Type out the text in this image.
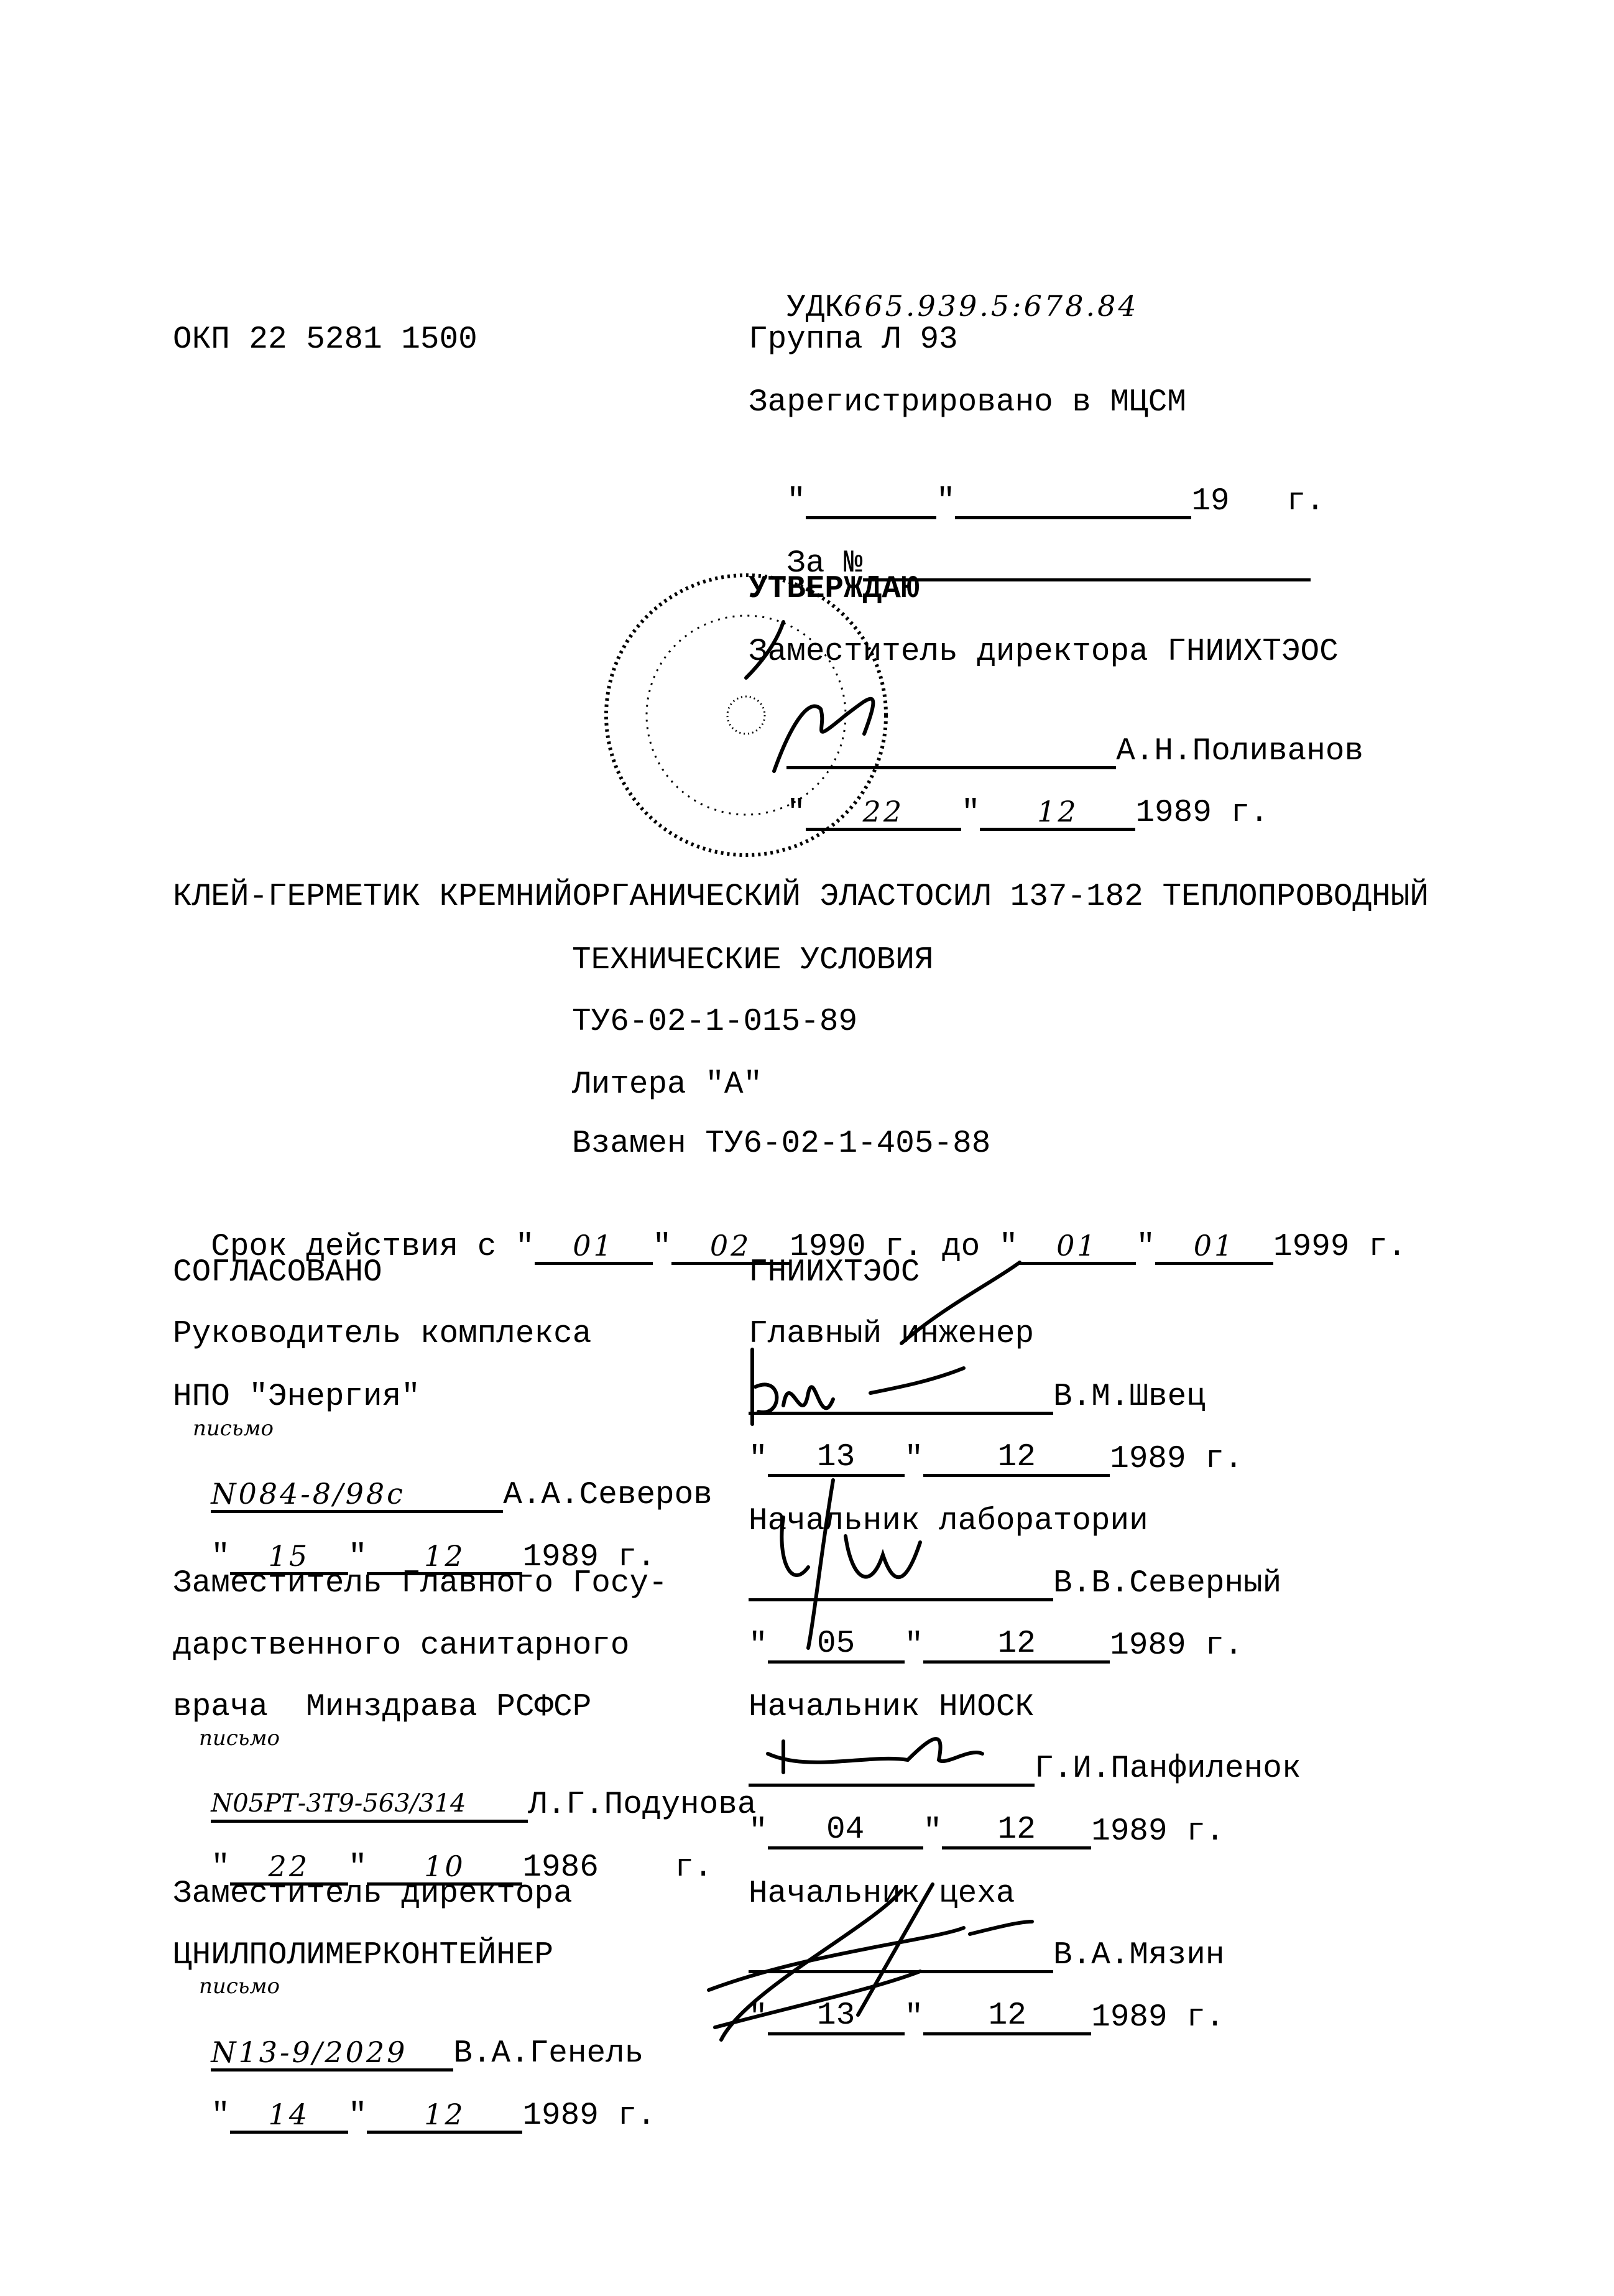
УДК665.939.5:678.84

ОКП 22 5281 1500	Группа Л 93
Зарегистрировано в МЦСМ

"	"	19 г.

За №

УТВЕРЖДАЮ
Заместитель директора ГНИИХТЭОС

А.Н.Поливанов

" 22 " 12 1989 г.

КЛЕЙ-ГЕРМЕТИК КРЕМНИЙОРГАНИЧЕСКИЙ ЭЛАСТОСИЛ 137-182 ТЕПЛОПРОВОДНЫЙ
ТЕХНИЧЕСКИЕ УСЛОВИЯ
ТУ6-02-1-015-89
Литера "А"
Взамен ТУ6-02-1-405-88

Срок действия с " 01 " 02 1990 г. до " 01 " 01 1999 г.

СОГЛАСОВАНО
Руководитель комплекса
НПО "Энергия"
письмо

N084-8/98с	А.А.Северов

" 15 " 12 1989 г.

Заместитель Главного Госу-
дарственного санитарного
врача  Минздрава РСФСР
письмо

N05РТ-3Т9-563/314 Л.Г.Подунова

" 22 " 10 1986 г.

Заместитель директора
ЦНИЛПОЛИМЕРКОНТЕЙНЕР
письмо

N13-9/2029 В.А.Генель

" 14 " 12 1989 г.

ГНИИХТЭОС
Главный инженер
В.М.Швец
" 13 " 12 1989 г.
Начальник лаборатории
В.В.Северный
" 05 " 12 1989 г.
Начальник НИОСК
Г.И.Панфиленок
" 04 " 12 1989 г.
Начальник цеха
В.А.Мязин
" 13 " 12 1989 г.
